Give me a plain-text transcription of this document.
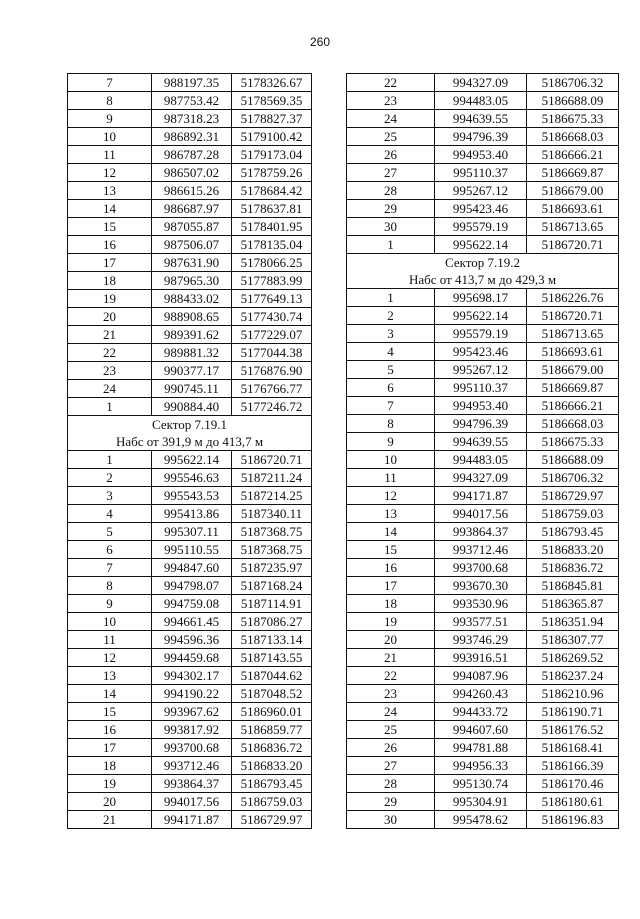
260
7	988197.35	5178326.67
8	987753.42	5178569.35
9	987318.23	5178827.37
10	986892.31	5179100.42
11	986787.28	5179173.04
12	986507.02	5178759.26
13	986615.26	5178684.42
14	986687.97	5178637.81
15	987055.87	5178401.95
16	987506.07	5178135.04
17	987631.90	5178066.25
18	987965.30	5177883.99
19	988433.02	5177649.13
20	988908.65	5177430.74
21	989391.62	5177229.07
22	989881.32	5177044.38
23	990377.17	5176876.90
24	990745.11	5176766.77
1	990884.40	5177246.72
Сектор 7.19.1		
Набс от 391,9 м до 413,7 м		
1	995622.14	5186720.71
2	995546.63	5187211.24
3	995543.53	5187214.25
4	995413.86	5187340.11
5	995307.11	5187368.75
6	995110.55	5187368.75
7	994847.60	5187235.97
8	994798.07	5187168.24
9	994759.08	5187114.91
10	994661.45	5187086.27
11	994596.36	5187133.14
12	994459.68	5187143.55
13	994302.17	5187044.62
14	994190.22	5187048.52
15	993967.62	5186960.01
16	993817.92	5186859.77
17	993700.68	5186836.72
18	993712.46	5186833.20
19	993864.37	5186793.45
20	994017.56	5186759.03
21	994171.87	5186729.97
22	994327.09	5186706.32
23	994483.05	5186688.09
24	994639.55	5186675.33
25	994796.39	5186668.03
26	994953.40	5186666.21
27	995110.37	5186669.87
28	995267.12	5186679.00
29	995423.46	5186693.61
30	995579.19	5186713.65
1	995622.14	5186720.71
Сектор 7.19.2		
Набс от 413,7 м до 429,3 м		
1	995698.17	5186226.76
2	995622.14	5186720.71
3	995579.19	5186713.65
4	995423.46	5186693.61
5	995267.12	5186679.00
6	995110.37	5186669.87
7	994953.40	5186666.21
8	994796.39	5186668.03
9	994639.55	5186675.33
10	994483.05	5186688.09
11	994327.09	5186706.32
12	994171.87	5186729.97
13	994017.56	5186759.03
14	993864.37	5186793.45
15	993712.46	5186833.20
16	993700.68	5186836.72
17	993670.30	5186845.81
18	993530.96	5186365.87
19	993577.51	5186351.94
20	993746.29	5186307.77
21	993916.51	5186269.52
22	994087.96	5186237.24
23	994260.43	5186210.96
24	994433.72	5186190.71
25	994607.60	5186176.52
26	994781.88	5186168.41
27	994956.33	5186166.39
28	995130.74	5186170.46
29	995304.91	5186180.61
30	995478.62	5186196.83
